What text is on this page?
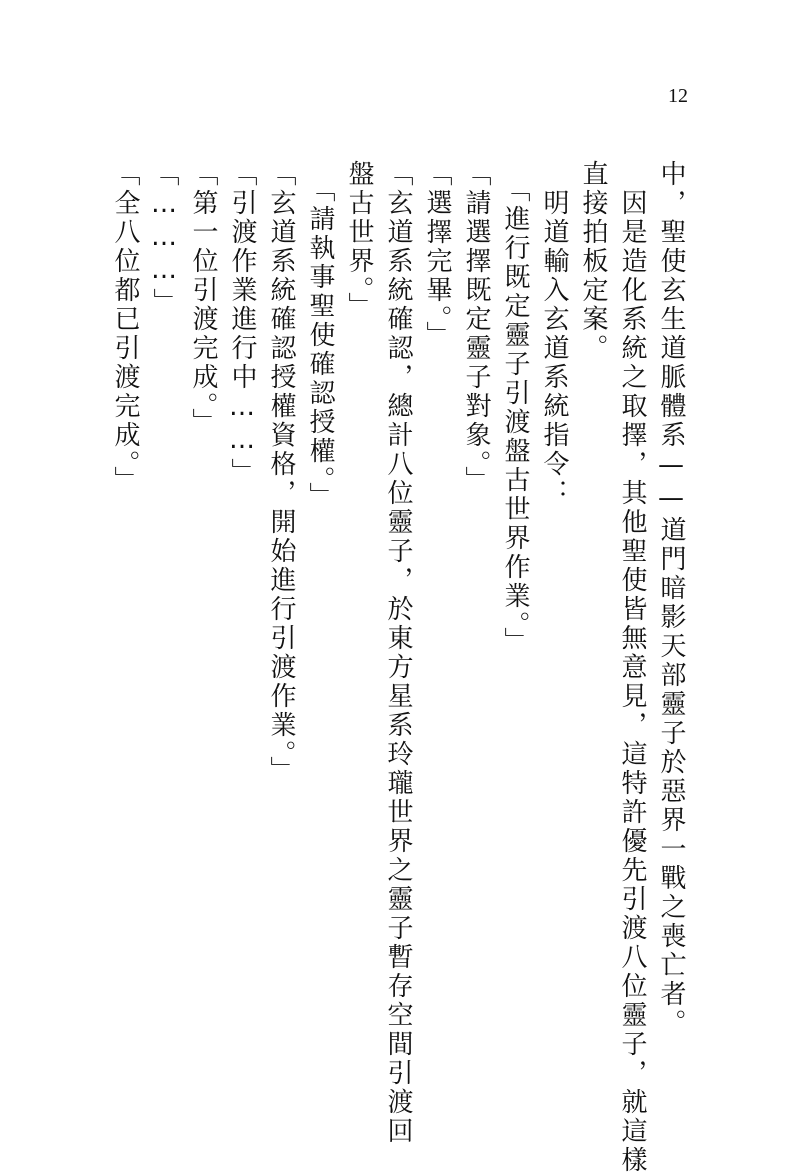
12
中，聖使玄生道脈體系——道門暗影天部靈子於惡界一戰之喪亡者。
　因是造化系統之取擇，其他聖使皆無意見，這特許優先引渡八位靈子，就這樣
直接拍板定案。
　明道輸入玄道系統指令：
　「進行既定靈子引渡盤古世界作業。」
「請選擇既定靈子對象。」
「選擇完畢。」
「玄道系統確認，總計八位靈子，於東方星系玲瓏世界之靈子暫存空間引渡回
盤古世界。」
　「請執事聖使確認授權。」
「玄道系統確認授權資格，開始進行引渡作業。」
「引渡作業進行中……」
「第一位引渡完成。」
「………」
「全八位都已引渡完成。」
